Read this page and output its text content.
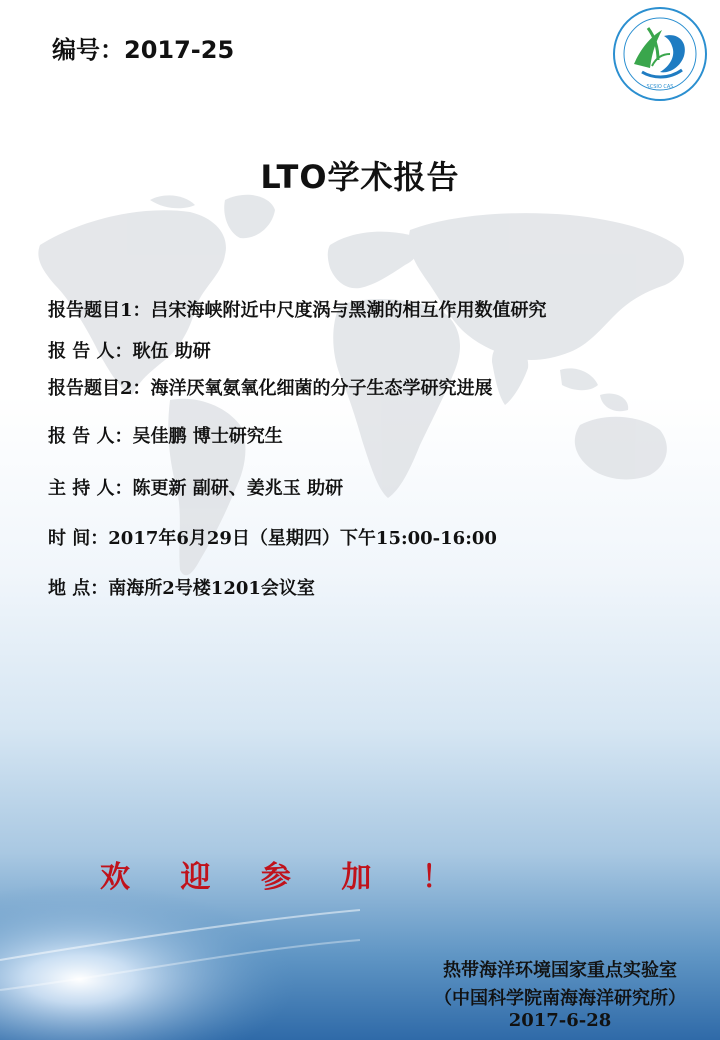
编号：2017-25
SCSIO CAS
LTO学术报告
报告题目1：吕宋海峡附近中尺度涡与黑潮的相互作用数值研究
报 告 人：耿伍 助研
报告题目2：海洋厌氧氨氧化细菌的分子生态学研究进展
报 告 人：吴佳鹏 博士研究生
主 持 人：陈更新 副研、姜兆玉 助研
时 间：2017年6月29日（星期四）下午15:00-16:00
地 点：南海所2号楼1201会议室
欢 迎 参 加 ！
热带海洋环境国家重点实验室
（中国科学院南海海洋研究所）
2017-6-28
